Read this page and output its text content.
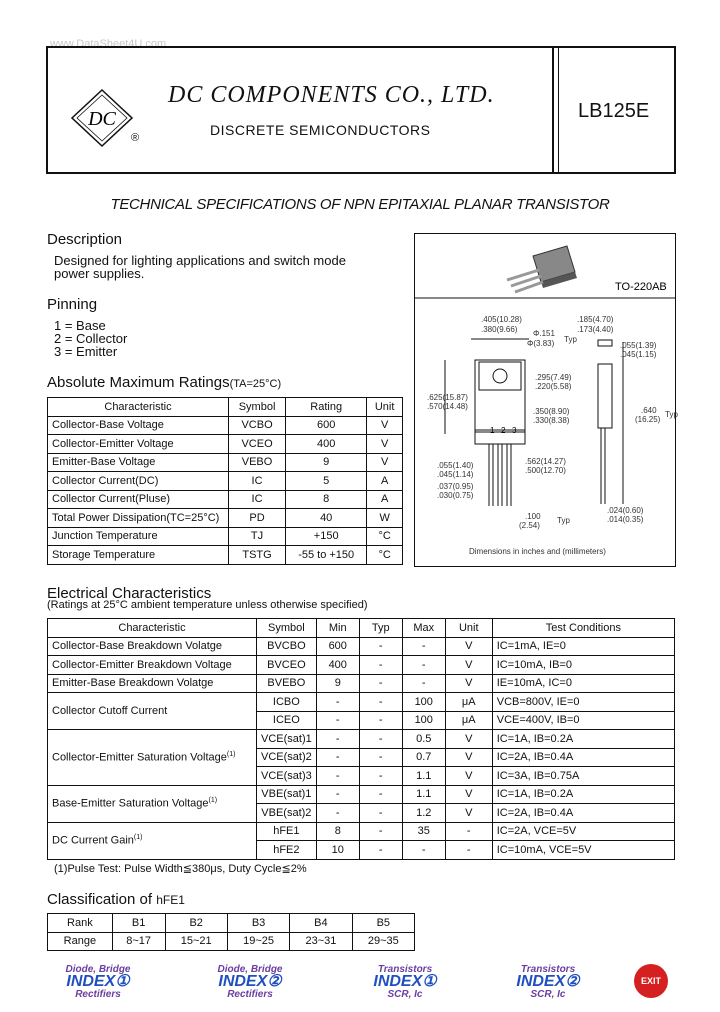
www.DataSheet4U.com
DC
®
DC COMPONENTS CO., LTD.
DISCRETE SEMICONDUCTORS
LB125E
TECHNICAL SPECIFICATIONS OF NPN EPITAXIAL PLANAR TRANSISTOR
Description
Designed for lighting applications and switch mode
power supplies.
Pinning
1 = Base
2 = Collector
3 = Emitter
Absolute Maximum Ratings(TA=25°C)
Characteristic	Symbol	Rating	Unit
Collector-Base Voltage	VCBO	600	V
Collector-Emitter Voltage	VCEO	400	V
Emitter-Base Voltage	VEBO	9	V
Collector Current(DC)	IC	5	A
Collector Current(Pluse)	IC	8	A
Total Power Dissipation(TC=25°C)	PD	40	W
Junction Temperature	TJ	+150	°C
Storage Temperature	TSTG	-55 to +150	°C
TO-220AB
1 2 3
.405(10.28)
.380(9.66) Φ.151
Φ(3.83) Typ
.185(4.70)
.173(4.40)
.055(1.39)
.045(1.15)
.295(7.49)
.220(5.58)
.625(15.87)
.570(14.48)
.350(8.90)
.330(8.38)
.640
(16.25)
Typ
.562(14.27)
.500(12.70)
.055(1.40)
.045(1.14)
.037(0.95)
.030(0.75)
.100
(2.54)
Typ
.024(0.60)
.014(0.35)
Dimensions in inches and (millimeters)
Electrical Characteristics
(Ratings at 25°C ambient temperature unless otherwise specified)
Characteristic	Symbol	Min	Typ	Max	Unit	Test Conditions
Collector-Base Breakdown Volatge	BVCBO	600	-	-	V	IC=1mA, IE=0
Collector-Emitter Breakdown Voltage	BVCEO	400	-	-	V	IC=10mA, IB=0
Emitter-Base Breakdown Volatge	BVEBO	9	-	-	V	IE=10mA, IC=0
Collector Cutoff Current	ICBO	-	-	100	μA	VCB=800V, IE=0
	ICEO	-	-	100	μA	VCE=400V, IB=0
Collector-Emitter Saturation Voltage$^{(1)}$	VCE(sat)1	-	-	0.5	V	IC=1A, IB=0.2A
	VCE(sat)2	-	-	0.7	V	IC=2A, IB=0.4A
	VCE(sat)3	-	-	1.1	V	IC=3A, IB=0.75A
Base-Emitter Saturation Voltage$^{(1)}$	VBE(sat)1	-	-	1.1	V	IC=1A, IB=0.2A
	VBE(sat)2	-	-	1.2	V	IC=2A, IB=0.4A
DC Current Gain$^{(1)}$	hFE1	8	-	35	-	IC=2A, VCE=5V
	hFE2	10	-	-	-	IC=10mA, VCE=5V
(1)Pulse Test: Pulse Width≦380μs, Duty Cycle≦2%
Classification of hFE1
Rank	B1	B2	B3	B4	B5
Range	8~17	15~21	19~25	23~31	29~35
Diode, Bridge
INDEX①
Rectifiers
Diode, Bridge
INDEX②
Rectifiers
Transistors
INDEX①
SCR, Ic
Transistors
INDEX②
SCR, Ic
EXIT
